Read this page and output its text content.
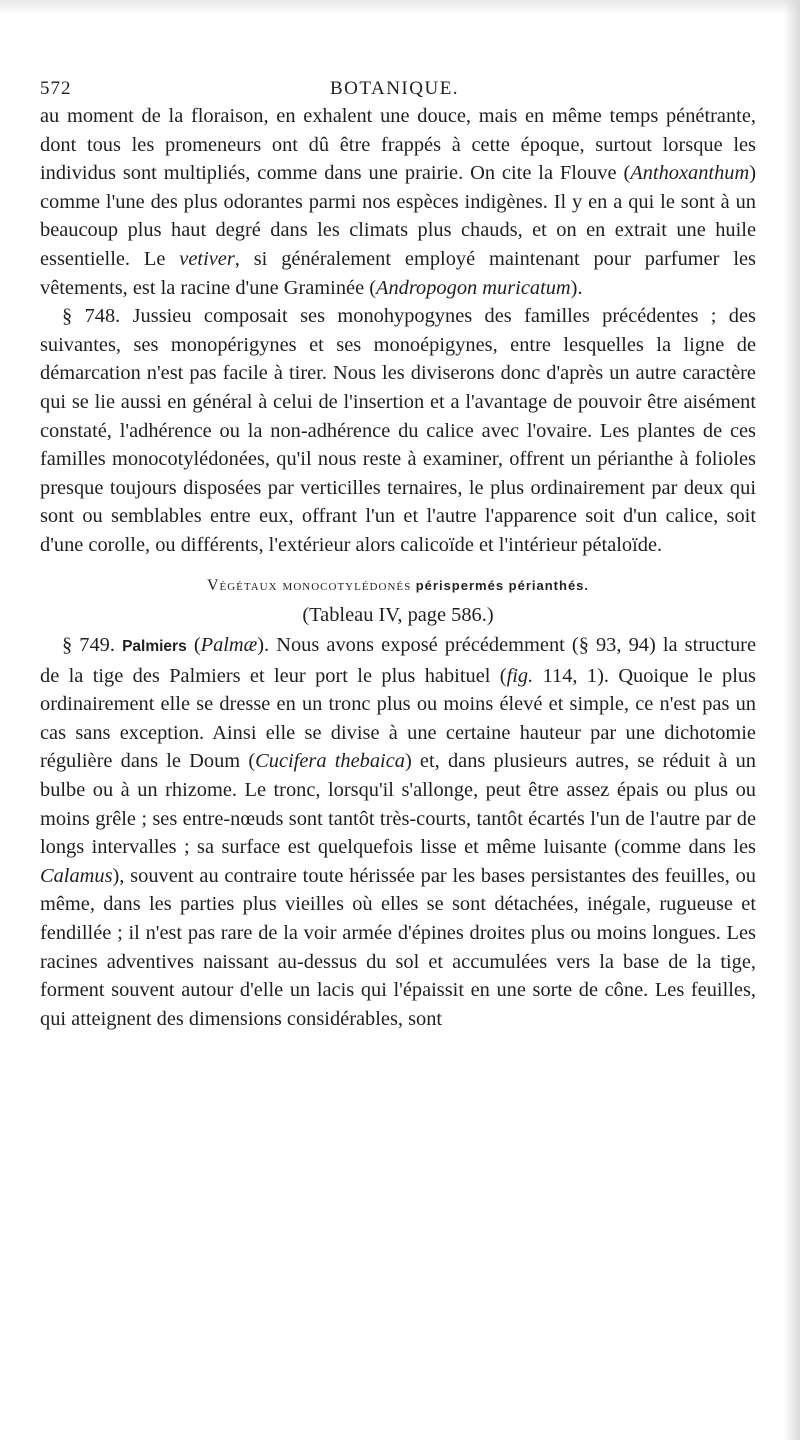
572	BOTANIQUE.

au moment de la floraison, en exhalent une douce, mais en même temps pénétrante, dont tous les promeneurs ont dû être frappés à cette époque, surtout lorsque les individus sont multipliés, comme dans une prairie. On cite la Flouve (Anthoxanthum) comme l'une des plus odorantes parmi nos espèces indigènes. Il y en a qui le sont à un beaucoup plus haut degré dans les climats plus chauds, et on en extrait une huile essentielle. Le vetiver, si généralement employé maintenant pour parfumer les vêtements, est la racine d'une Graminée (Andropogon muricatum).

§ 748. Jussieu composait ses monohypogynes des familles précédentes ; des suivantes, ses monopérigynes et ses monoépigynes, entre lesquelles la ligne de démarcation n'est pas facile à tirer. Nous les diviserons donc d'après un autre caractère qui se lie aussi en général à celui de l'insertion et a l'avantage de pouvoir être aisément constaté, l'adhérence ou la non-adhérence du calice avec l'ovaire. Les plantes de ces familles monocotylédonées, qu'il nous reste à examiner, offrent un périanthe à folioles presque toujours disposées par verticilles ternaires, le plus ordinairement par deux qui sont ou semblables entre eux, offrant l'un et l'autre l'apparence soit d'un calice, soit d'une corolle, ou différents, l'extérieur alors calicoïde et l'intérieur pétaloïde.

Végétaux monocotylédonés périspermés périanthés.
(Tableau IV, page 586.)

§ 749. Palmiers (Palmæ). Nous avons exposé précédemment (§ 93, 94) la structure de la tige des Palmiers et leur port le plus habituel (fig. 114, 1). Quoique le plus ordinairement elle se dresse en un tronc plus ou moins élevé et simple, ce n'est pas un cas sans exception. Ainsi elle se divise à une certaine hauteur par une dichotomie régulière dans le Doum (Cucifera thebaica) et, dans plusieurs autres, se réduit à un bulbe ou à un rhizome. Le tronc, lorsqu'il s'allonge, peut être assez épais ou plus ou moins grêle ; ses entre-nœuds sont tantôt très-courts, tantôt écartés l'un de l'autre par de longs intervalles ; sa surface est quelquefois lisse et même luisante (comme dans les Calamus), souvent au contraire toute hérissée par les bases persistantes des feuilles, ou même, dans les parties plus vieilles où elles se sont détachées, inégale, rugueuse et fendillée ; il n'est pas rare de la voir armée d'épines droites plus ou moins longues. Les racines adventives naissant au-dessus du sol et accumulées vers la base de la tige, forment souvent autour d'elle un lacis qui l'épaissit en une sorte de cône. Les feuilles, qui atteignent des dimensions considérables, sont
